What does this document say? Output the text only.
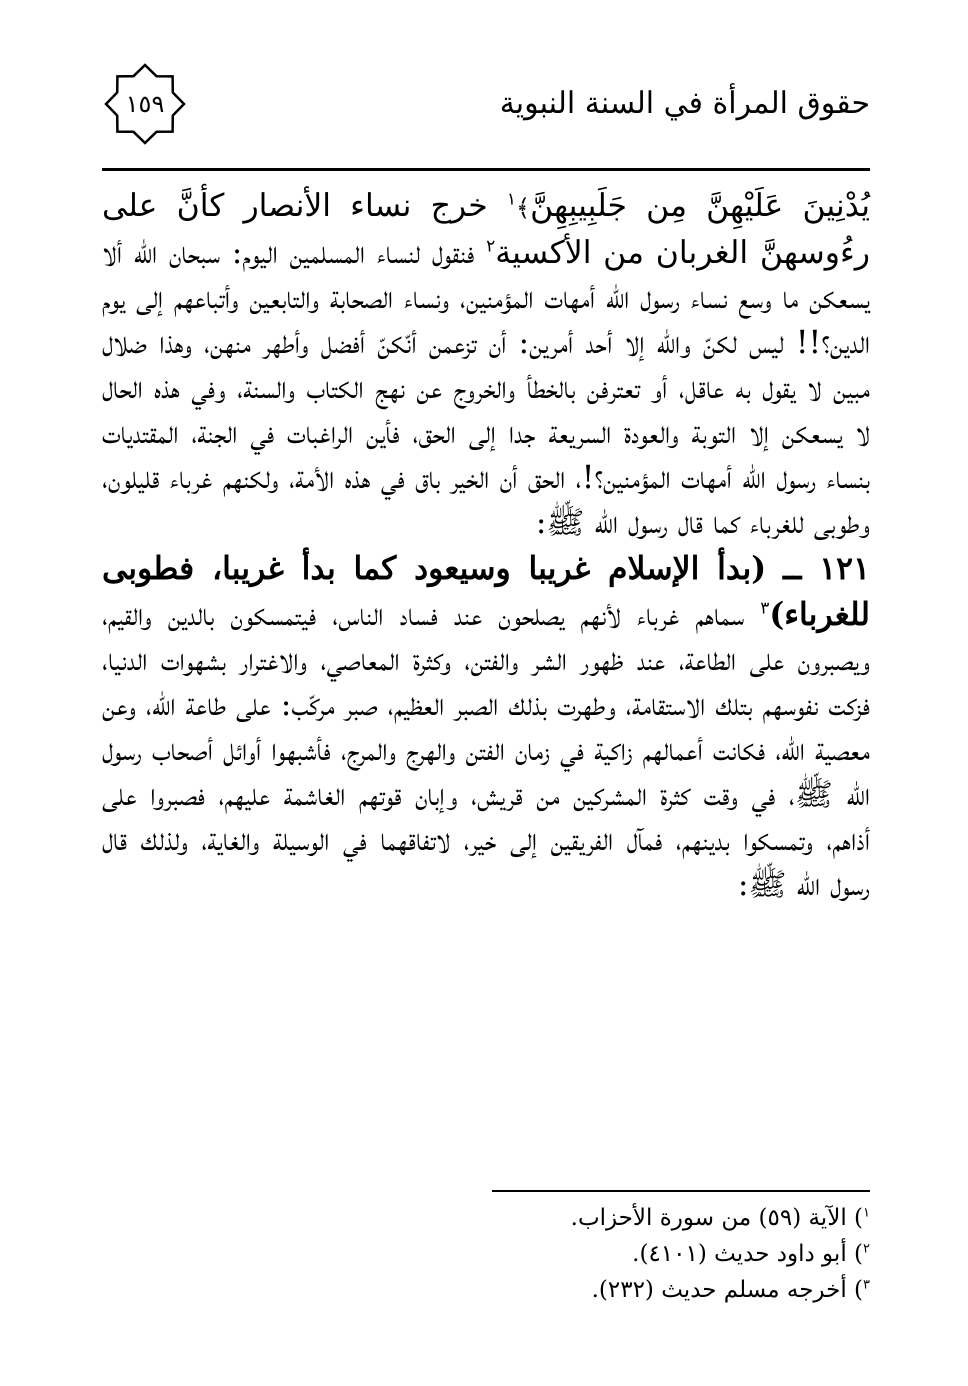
حقوق المرأة في السنة النبوية
١٥٩

يُدْنِينَ عَلَيْهِنَّ مِن جَلَبِيبِهِنَّ﴾$^١$ خرج نساء الأنصار كأنَّ على رءُوسهنَّ الغربان من الأكسية$^٢$ فنقول لنساء المسلمين اليوم: سبحان الله ألا يسعكن ما وسع نساء رسول الله أمهات المؤمنين، ونساء الصحابة والتابعين وأتباعهم إلى يوم الدين؟!! ليس لكنّ والله إلا أحد أمرين: أن تزعمن أنّكنّ أفضل وأطهر منهن، وهذا ضلال مبين لا يقول به عاقل، أو تعترفن بالخطأ والخروج عن نهج الكتاب والسنة، وفي هذه الحال لا يسعكن إلا التوبة والعودة السريعة جدا إلى الحق، فأين الراغبات في الجنة، المقتديات بنساء رسول الله أمهات المؤمنين؟!، الحق أن الخير باق في هذه الأمة، ولكنهم غرباء قليلون، وطوبى للغرباء كما قال رسول الله ﷺ:

١٢١ ــ (بدأ الإسلام غريبا وسيعود كما بدأ غريبا، فطوبى للغرباء)$^٣$ سماهم غرباء لأنهم يصلحون عند فساد الناس، فيتمسكون بالدين والقيم، ويصبرون على الطاعة، عند ظهور الشر والفتن، وكثرة المعاصي، والاغترار بشهوات الدنيا، فزكت نفوسهم بتلك الاستقامة، وطهرت بذلك الصبر العظيم، صبر مركّب: على طاعة الله، وعن معصية الله، فكانت أعمالهم زاكية في زمان الفتن والهرج والمرج، فأشبهوا أوائل أصحاب رسول الله ﷺ، في وقت كثرة المشركين من قريش، وإبان قوتهم الغاشمة عليهم، فصبروا على أذاهم، وتمسكوا بدينهم، فمآل الفريقين إلى خير، لاتفاقهما في الوسيلة والغاية، ولذلك قال رسول الله ﷺ:

$^١$) الآية (٥٩) من سورة الأحزاب.

$^٢$) أبو داود حديث (٤١٠١).

$^٣$) أخرجه مسلم حديث (٢٣٢).
